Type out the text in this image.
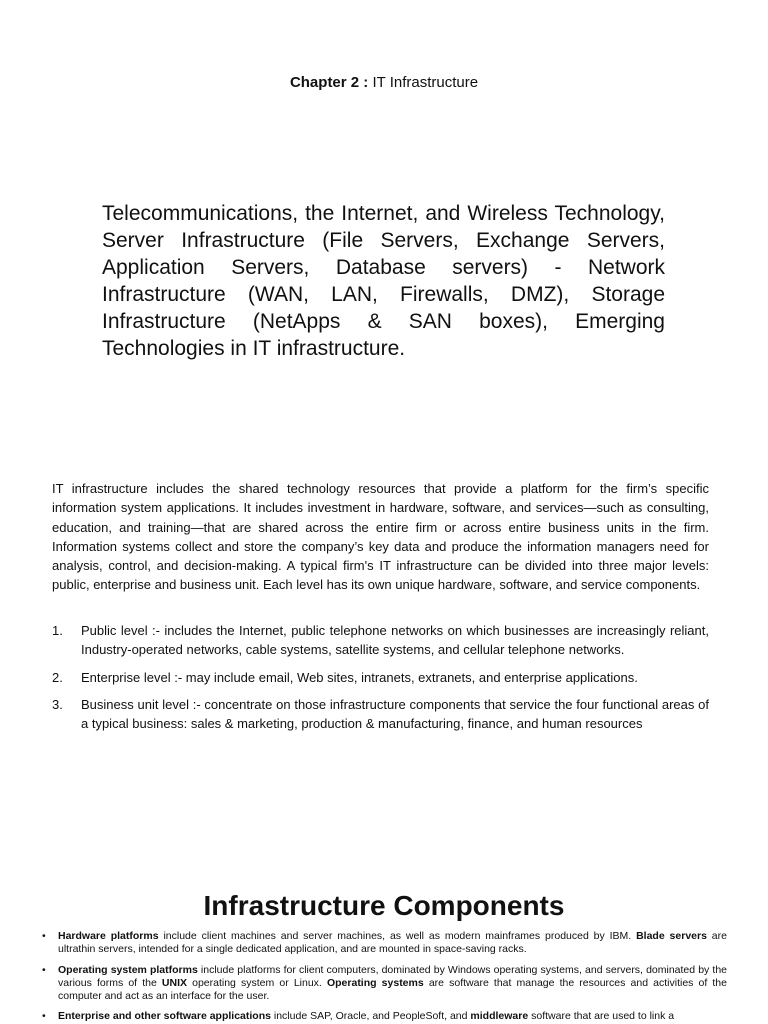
Chapter 2 : IT Infrastructure
Telecommunications, the Internet, and Wireless Technology, Server Infrastructure (File Servers, Exchange Servers, Application Servers, Database servers) - Network Infrastructure (WAN, LAN, Firewalls, DMZ), Storage Infrastructure (NetApps & SAN boxes), Emerging Technologies in IT infrastructure.
IT infrastructure includes the shared technology resources that provide a platform for the firm’s specific information system applications. It includes investment in hardware, software, and services—such as consulting, education, and training—that are shared across the entire firm or across entire business units in the firm. Information systems collect and store the company’s key data and produce the information managers need for analysis, control, and decision-making. A typical firm's IT infrastructure can be divided into three major levels: public, enterprise and business unit. Each level has its own unique hardware, software, and service components.
1. Public level :- includes the Internet, public telephone networks on which businesses are increasingly reliant, Industry-operated networks, cable systems, satellite systems, and cellular telephone networks.
2. Enterprise level :- may include email, Web sites, intranets, extranets, and enterprise applications.
3. Business unit level :- concentrate on those infrastructure components that service the four functional areas of a typical business: sales & marketing, production & manufacturing, finance, and human resources
Infrastructure Components
• Hardware platforms include client machines and server machines, as well as modern mainframes produced by IBM. Blade servers are ultrathin servers, intended for a single dedicated application, and are mounted in space-saving racks.
• Operating system platforms include platforms for client computers, dominated by Windows operating systems, and servers, dominated by the various forms of the UNIX operating system or Linux. Operating systems are software that manage the resources and activities of the computer and act as an interface for the user.
• Enterprise and other software applications include SAP, Oracle, and PeopleSoft, and middleware software that are used to link a
